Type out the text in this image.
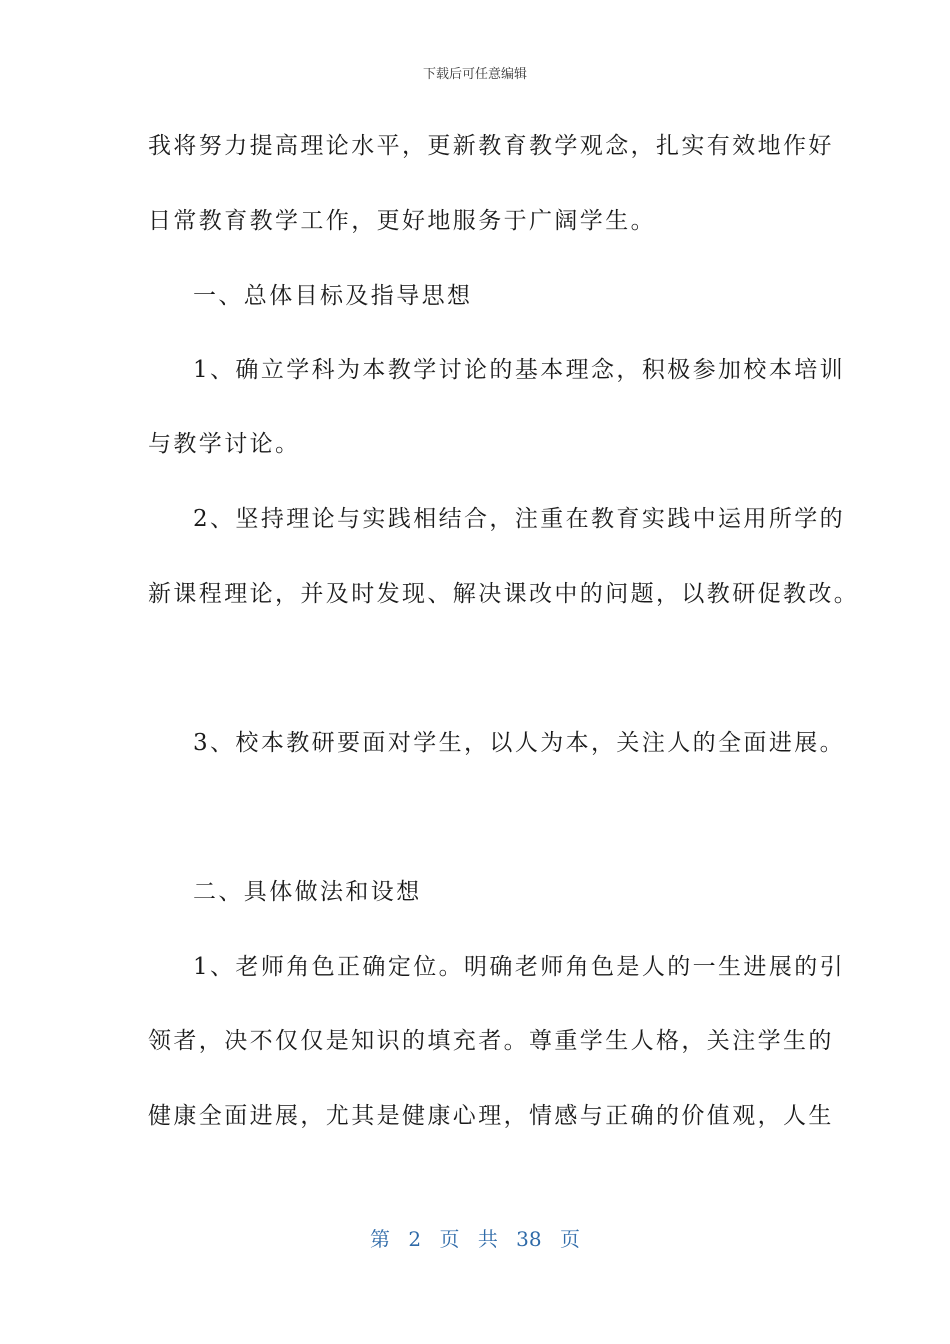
下载后可任意编辑
我将努力提高理论水平，更新教育教学观念，扎实有效地作好
日常教育教学工作，更好地服务于广阔学生。
一、总体目标及指导思想
1、确立学科为本教学讨论的基本理念，积极参加校本培训
与教学讨论。
2、坚持理论与实践相结合，注重在教育实践中运用所学的
新课程理论，并及时发现、解决课改中的问题，以教研促教改。
3、校本教研要面对学生，以人为本，关注人的全面进展。
二、具体做法和设想
1、老师角色正确定位。明确老师角色是人的一生进展的引
领者，决不仅仅是知识的填充者。尊重学生人格，关注学生的
健康全面进展，尤其是健康心理，情感与正确的价值观，人生
第 2 页 共 38 页
